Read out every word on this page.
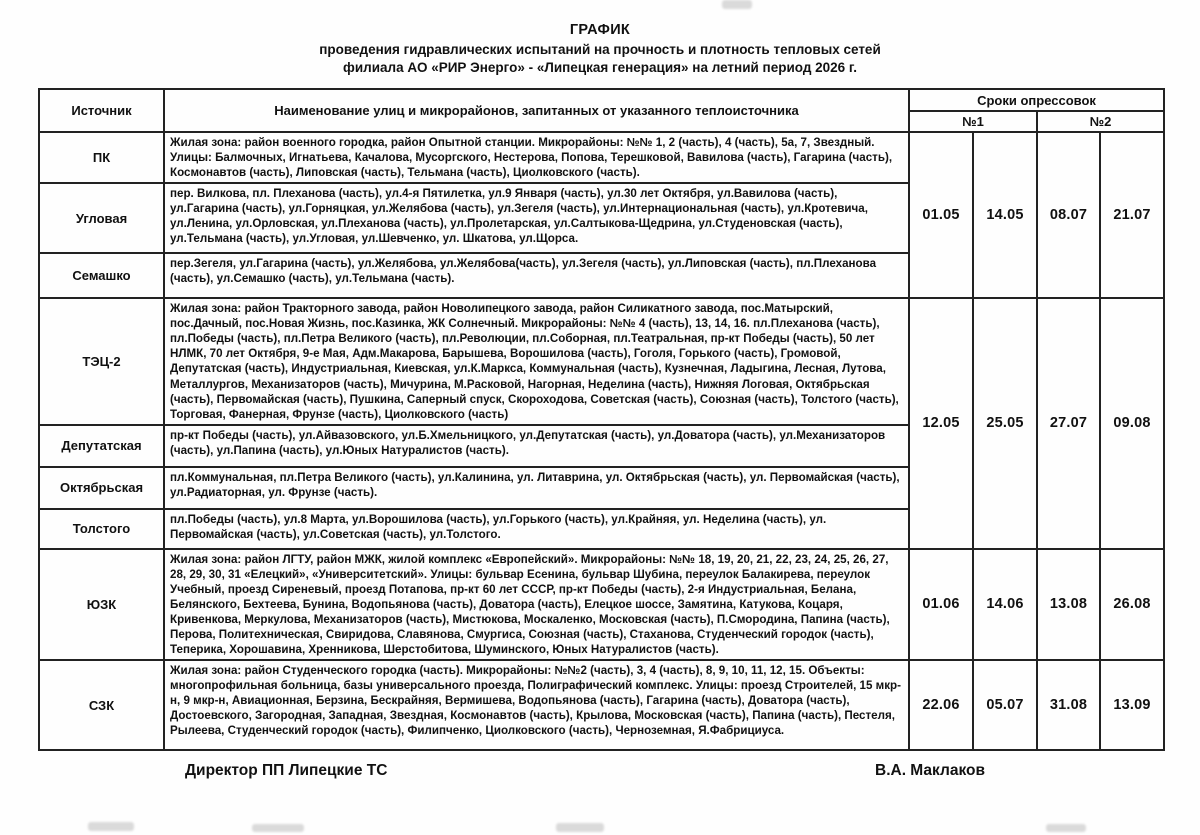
ГРАФИК
проведения гидравлических испытаний на прочность и плотность тепловых сетей
филиала АО «РИР Энерго» - «Липецкая генерация» на летний период 2026 г.
Источник	Наименование улиц и микрорайонов, запитанных от указанного теплоисточника	Сроки опрессовок			
		№1		№2	
ПК	Жилая зона: район военного городка, район Опытной станции. Микрорайоны: №№ 1, 2 (часть), 4 (часть), 5а, 7, Звездный. Улицы: Балмочных, Игнатьева, Качалова, Мусоргского, Нестерова, Попова, Терешковой, Вавилова (часть), Гагарина (часть), Космонавтов (часть), Липовская (часть), Тельмана (часть), Циолковского (часть).	01.05	14.05	08.07	21.07
Угловая	пер. Вилкова, пл. Плеханова (часть), ул.4-я Пятилетка, ул.9 Января (часть), ул.30 лет Октября, ул.Вавилова (часть), ул.Гагарина (часть), ул.Горняцкая, ул.Желябова (часть), ул.Зегеля (часть), ул.Интернациональная (часть), ул.Кротевича, ул.Ленина, ул.Орловская, ул.Плеханова (часть), ул.Пролетарская, ул.Салтыкова-Щедрина, ул.Студеновская (часть), ул.Тельмана (часть), ул.Угловая, ул.Шевченко, ул. Шкатова, ул.Щорса.				
Семашко	пер.Зегеля, ул.Гагарина (часть), ул.Желябова, ул.Желябова(часть), ул.Зегеля (часть), ул.Липовская (часть), пл.Плеханова (часть), ул.Семашко (часть), ул.Тельмана (часть).				
ТЭЦ-2	Жилая зона: район Тракторного завода, район Новолипецкого завода, район Силикатного завода, пос.Матырский, пос.Дачный, пос.Новая Жизнь, пос.Казинка, ЖК Солнечный. Микрорайоны: №№ 4 (часть), 13, 14, 16. пл.Плеханова (часть), пл.Победы (часть), пл.Петра Великого (часть), пл.Революции, пл.Соборная, пл.Театральная, пр-кт Победы (часть), 50 лет НЛМК, 70 лет Октября, 9-е Мая, Адм.Макарова, Барышева, Ворошилова (часть), Гоголя, Горького (часть), Громовой, Депутатская (часть), Индустриальная, Киевская, ул.К.Маркса, Коммунальная (часть), Кузнечная, Ладыгина, Лесная, Лутова, Металлургов, Механизаторов (часть), Мичурина, М.Расковой, Нагорная, Неделина (часть), Нижняя Логовая, Октябрьская (часть), Первомайская (часть), Пушкина, Саперный спуск, Скороходова, Советская (часть), Союзная (часть), Толстого (часть), Торговая, Фанерная, Фрунзе (часть), Циолковского (часть)	12.05	25.05	27.07	09.08
Депутатская	пр-кт Победы (часть), ул.Айвазовского, ул.Б.Хмельницкого, ул.Депутатская (часть), ул.Доватора (часть), ул.Механизаторов (часть), ул.Папина (часть), ул.Юных Натуралистов (часть).				
Октябрьская	пл.Коммунальная, пл.Петра Великого (часть), ул.Калинина, ул. Литаврина, ул. Октябрьская (часть), ул. Первомайская (часть), ул.Радиаторная, ул. Фрунзе (часть).				
Толстого	пл.Победы (часть), ул.8 Марта, ул.Ворошилова (часть), ул.Горького (часть), ул.Крайняя, ул. Неделина (часть), ул. Первомайская (часть), ул.Советская (часть), ул.Толстого.				
ЮЗК	Жилая зона: район ЛГТУ, район МЖК, жилой комплекс «Европейский». Микрорайоны: №№ 18, 19, 20, 21, 22, 23, 24, 25, 26, 27, 28, 29, 30, 31 «Елецкий», «Университетский». Улицы: бульвар Есенина, бульвар Шубина, переулок Балакирева, переулок Учебный, проезд Сиреневый, проезд Потапова, пр-кт 60 лет СССР, пр-кт Победы (часть), 2-я Индустриальная, Белана, Белянского, Бехтеева, Бунина, Водопьянова (часть), Доватора (часть), Елецкое шоссе, Замятина, Катукова, Коцаря, Кривенкова, Меркулова, Механизаторов (часть), Мистюкова, Москаленко, Московская (часть), П.Смородина, Папина (часть), Перова, Политехническая, Свиридова, Славянова, Смургиса, Союзная (часть), Стаханова, Студенческий городок (часть), Теперика, Хорошавина, Хренникова, Шерстобитова, Шуминского, Юных Натуралистов (часть).	01.06	14.06	13.08	26.08
СЗК	Жилая зона: район Студенческого городка (часть). Микрорайоны: №№2 (часть), 3, 4 (часть), 8, 9, 10, 11, 12, 15. Объекты: многопрофильная больница, базы универсального проезда, Полиграфический комплекс. Улицы: проезд Строителей, 15 мкр-н, 9 мкр-н, Авиационная, Берзина, Бескрайняя, Вермишева, Водопьянова (часть), Гагарина (часть), Доватора (часть), Достоевского, Загородная, Западная, Звездная, Космонавтов (часть), Крылова, Московская (часть), Папина (часть), Пестеля, Рылеева, Студенческий городок (часть), Филипченко, Циолковского (часть), Черноземная, Я.Фабрициуса.	22.06	05.07	31.08	13.09
Директор ПП Липецкие ТС	В.А. Маклаков
